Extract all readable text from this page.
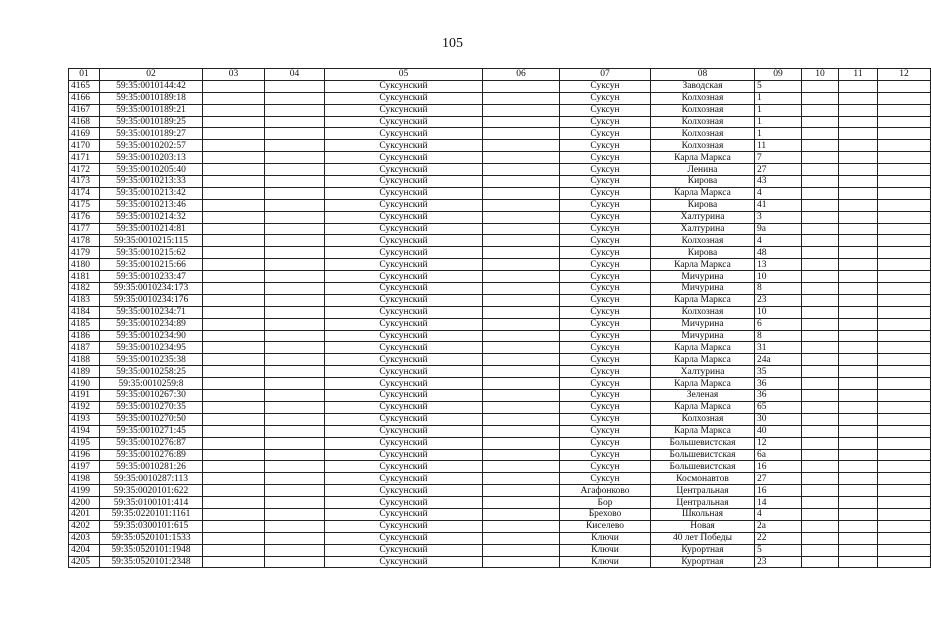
105
01	02	03	04	05	06	07	08	09	10	11	12
4165	59:35:0010144:42			Суксунский		Суксун	Заводская	5			
4166	59:35:0010189:18			Суксунский		Суксун	Колхозная	1			
4167	59:35:0010189:21			Суксунский		Суксун	Колхозная	1			
4168	59:35:0010189:25			Суксунский		Суксун	Колхозная	1			
4169	59:35:0010189:27			Суксунский		Суксун	Колхозная	1			
4170	59:35:0010202:57			Суксунский		Суксун	Колхозная	11			
4171	59:35:0010203:13			Суксунский		Суксун	Карла Маркса	7			
4172	59:35:0010205:40			Суксунский		Суксун	Ленина	27			
4173	59:35:0010213:33			Суксунский		Суксун	Кирова	43			
4174	59:35:0010213:42			Суксунский		Суксун	Карла Маркса	4			
4175	59:35:0010213:46			Суксунский		Суксун	Кирова	41			
4176	59:35:0010214:32			Суксунский		Суксун	Халтурина	3			
4177	59:35:0010214:81			Суксунский		Суксун	Халтурина	9а			
4178	59:35:0010215:115			Суксунский		Суксун	Колхозная	4			
4179	59:35:0010215:62			Суксунский		Суксун	Кирова	48			
4180	59:35:0010215:66			Суксунский		Суксун	Карла Маркса	13			
4181	59:35:0010233:47			Суксунский		Суксун	Мичурина	10			
4182	59:35:0010234:173			Суксунский		Суксун	Мичурина	8			
4183	59:35:0010234:176			Суксунский		Суксун	Карла Маркса	23			
4184	59:35:0010234:71			Суксунский		Суксун	Колхозная	10			
4185	59:35:0010234:89			Суксунский		Суксун	Мичурина	6			
4186	59:35:0010234:90			Суксунский		Суксун	Мичурина	8			
4187	59:35:0010234:95			Суксунский		Суксун	Карла Маркса	31			
4188	59:35:0010235:38			Суксунский		Суксун	Карла Маркса	24а			
4189	59:35:0010258:25			Суксунский		Суксун	Халтурина	35			
4190	59:35:0010259:8			Суксунский		Суксун	Карла Маркса	36			
4191	59:35:0010267:30			Суксунский		Суксун	Зеленая	36			
4192	59:35:0010270:35			Суксунский		Суксун	Карла Маркса	65			
4193	59:35:0010270:50			Суксунский		Суксун	Колхозная	30			
4194	59:35:0010271:45			Суксунский		Суксун	Карла Маркса	40			
4195	59:35:0010276:87			Суксунский		Суксун	Большевистская	12			
4196	59:35:0010276:89			Суксунский		Суксун	Большевистская	6а			
4197	59:35:0010281:26			Суксунский		Суксун	Большевистская	16			
4198	59:35:0010287:113			Суксунский		Суксун	Космонавтов	27			
4199	59:35:0020101:622			Суксунский		Агафонково	Центральная	16			
4200	59:35:0100101:414			Суксунский		Бор	Центральная	14			
4201	59:35:0220101:1161			Суксунский		Брехово	Школьная	4			
4202	59:35:0300101:615			Суксунский		Киселево	Новая	2а			
4203	59:35:0520101:1533			Суксунский		Ключи	40 лет Победы	22			
4204	59:35:0520101:1948			Суксунский		Ключи	Курортная	5			
4205	59:35:0520101:2348			Суксунский		Ключи	Курортная	23			
